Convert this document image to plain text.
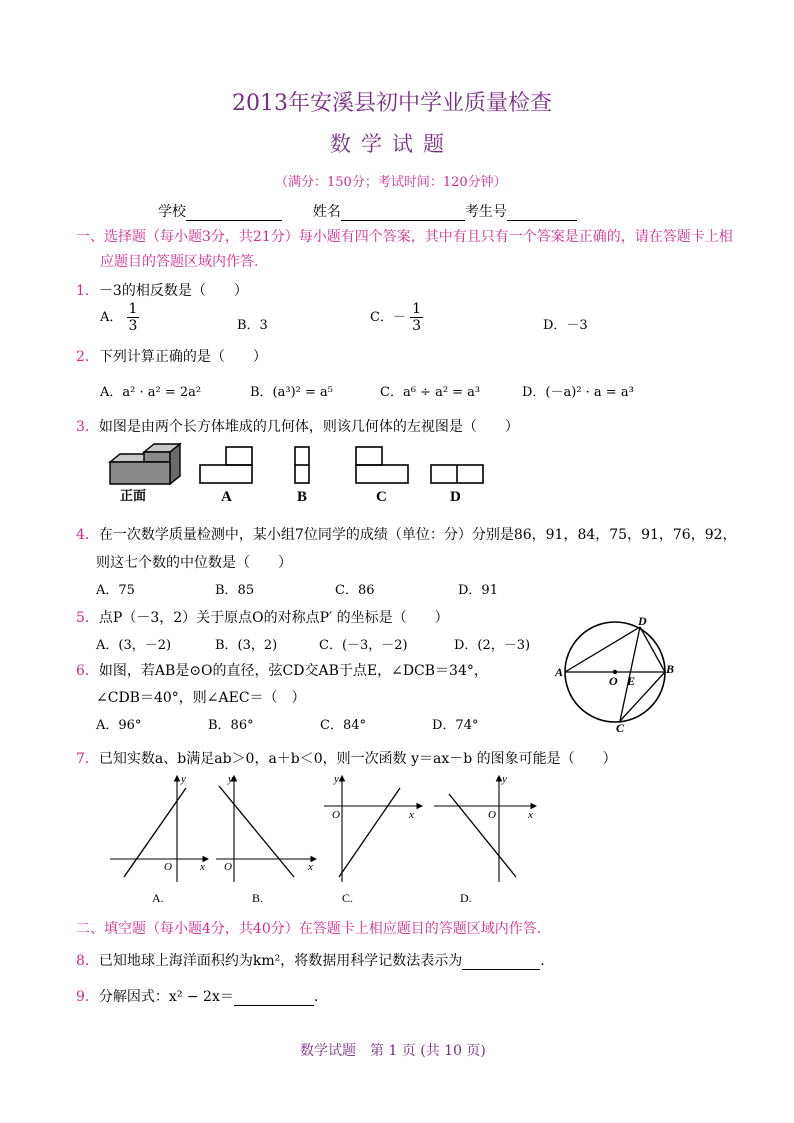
2013年安溪县初中学业质量检查
数学试题
（满分：150分；考试时间：120分钟）
学校	姓名	考生号
一、选择题（每小题3分，共21分）每小题有四个答案，其中有且只有一个答案是正确的，请在答题卡上相
应题目的答题区域内作答.
1．－3的相反数是（　　）
A． $\frac{1}{3}$	B．3
C．－ $\frac{1}{3}$	D．－3
2．下列计算正确的是（　　）
A．a² · a² = 2a²	B．(a³)² = a⁵	C．a⁶ ÷ a² = a³	D．(－a)² · a = a³
3．如图是由两个长方体堆成的几何体，则该几何体的左视图是（　　）
正面	A	B	C	D
4．在一次数学质量检测中，某小组7位同学的成绩（单位：分）分别是86，91，84，75，91，76，92，
则这七个数的中位数是（　　）
A．75	B．85	C．86	D．91
5．点P（－3，2）关于原点O的对称点P′ 的坐标是（　　）
A．(3，－2)	B．(3，2)	C．(－3，－2)	D．(2，－3)
6．如图，若AB是⊙O的直径，弦CD交AB于点E，∠DCB＝34°，
∠CDB＝40°，则∠AEC＝（　）
A．96°	B．86°	C．84°	D．74°
A	B
D
C
O E
7．已知实数a、b满足ab＞0，a＋b＜0，则一次函数 y＝ax－b 的图象可能是（　　）
y
x
O
A.
y
x
O
B.
y
x
O
C.
y
x
O
D.
二、填空题（每小题4分，共40分）在答题卡上相应题目的答题区域内作答.
8．已知地球上海洋面积约为km²，将数据用科学记数法表示为	.
9．分解因式：x² − 2x＝	.
数学试题　第 1 页 (共 10 页)
